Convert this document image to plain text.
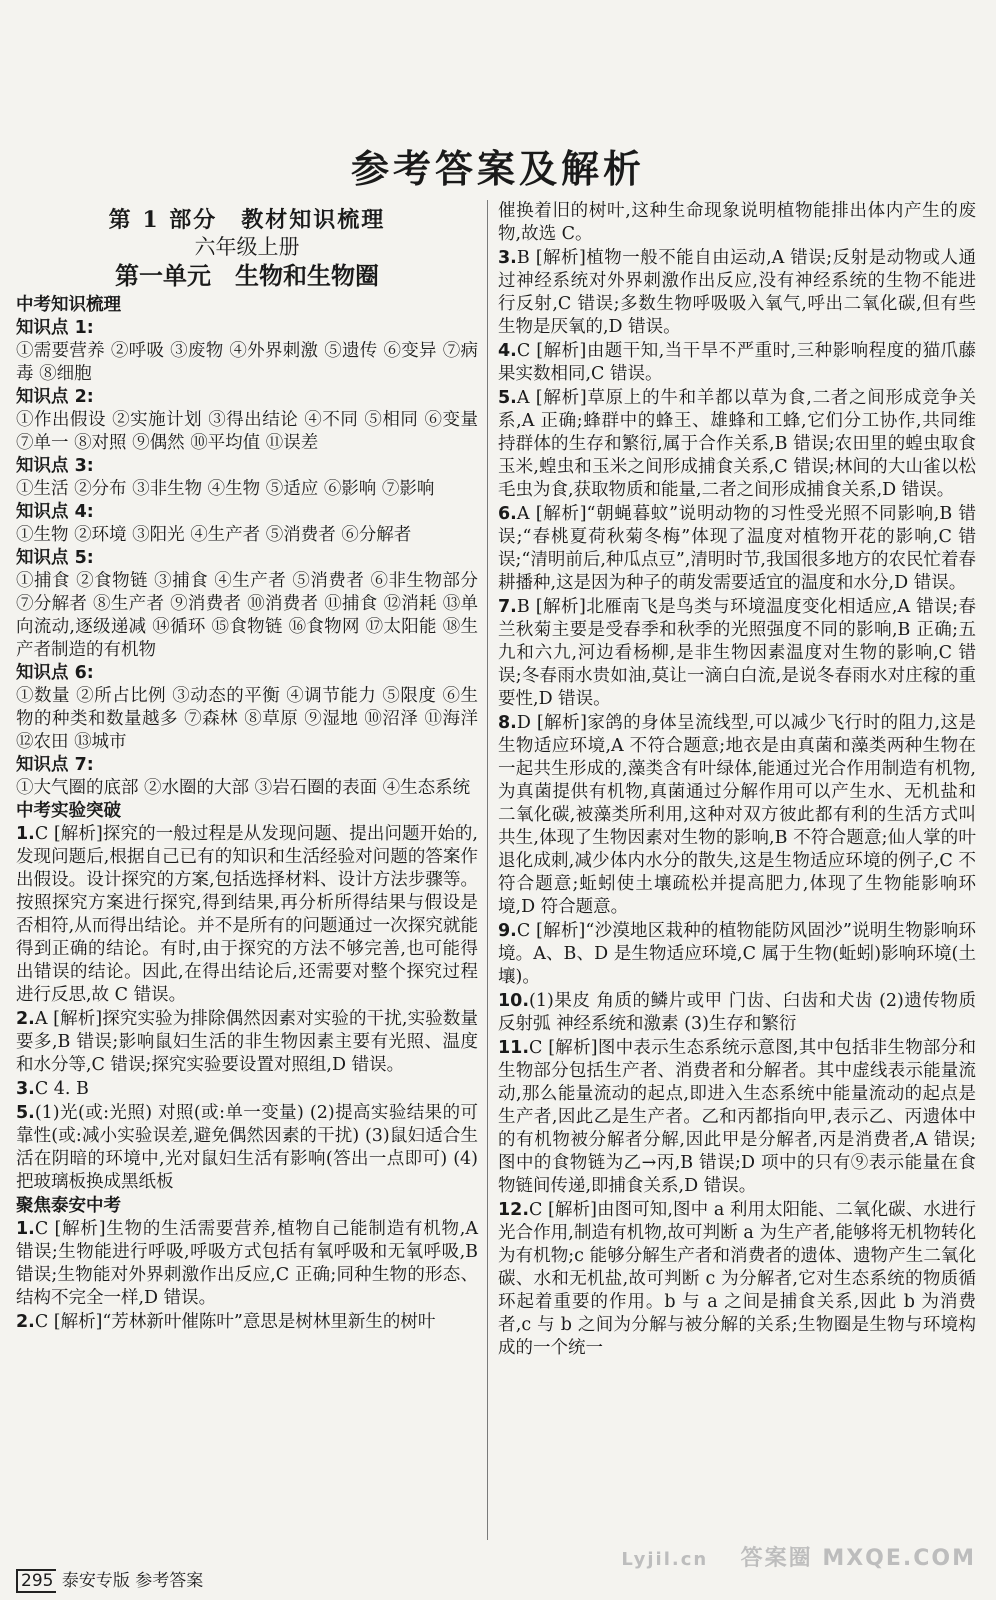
参考答案及解析
第 1 部分　教材知识梳理
六年级上册
第一单元　生物和生物圈
中考知识梳理
知识点 1:

①需要营养 ②呼吸 ③废物 ④外界刺激 ⑤遗传 ⑥变异 ⑦病毒 ⑧细胞

知识点 2:

①作出假设 ②实施计划 ③得出结论 ④不同 ⑤相同 ⑥变量 ⑦单一 ⑧对照 ⑨偶然 ⑩平均值 ⑪误差

知识点 3:

①生活 ②分布 ③非生物 ④生物 ⑤适应 ⑥影响 ⑦影响

知识点 4:

①生物 ②环境 ③阳光 ④生产者 ⑤消费者 ⑥分解者

知识点 5:

①捕食 ②食物链 ③捕食 ④生产者 ⑤消费者 ⑥非生物部分 ⑦分解者 ⑧生产者 ⑨消费者 ⑩消费者 ⑪捕食 ⑫消耗 ⑬单向流动,逐级递减 ⑭循环 ⑮食物链 ⑯食物网 ⑰太阳能 ⑱生产者制造的有机物

知识点 6:

①数量 ②所占比例 ③动态的平衡 ④调节能力 ⑤限度 ⑥生物的种类和数量越多 ⑦森林 ⑧草原 ⑨湿地 ⑩沼泽 ⑪海洋 ⑫农田 ⑬城市

知识点 7:

①大气圈的底部 ②水圈的大部 ③岩石圈的表面 ④生态系统

中考实验突破

1.C [解析]探究的一般过程是从发现问题、提出问题开始的,发现问题后,根据自己已有的知识和生活经验对问题的答案作出假设。设计探究的方案,包括选择材料、设计方法步骤等。按照探究方案进行探究,得到结果,再分析所得结果与假设是否相符,从而得出结论。并不是所有的问题通过一次探究就能得到正确的结论。有时,由于探究的方法不够完善,也可能得出错误的结论。因此,在得出结论后,还需要对整个探究过程进行反思,故 C 错误。

2.A [解析]探究实验为排除偶然因素对实验的干扰,实验数量要多,B 错误;影响鼠妇生活的非生物因素主要有光照、温度和水分等,C 错误;探究实验要设置对照组,D 错误。

3.C 4. B

5.(1)光(或:光照) 对照(或:单一变量) (2)提高实验结果的可靠性(或:减小实验误差,避免偶然因素的干扰) (3)鼠妇适合生活在阴暗的环境中,光对鼠妇生活有影响(答出一点即可) (4)把玻璃板换成黑纸板

聚焦泰安中考

1.C [解析]生物的生活需要营养,植物自己能制造有机物,A 错误;生物能进行呼吸,呼吸方式包括有氧呼吸和无氧呼吸,B 错误;生物能对外界刺激作出反应,C 正确;同种生物的形态、结构不完全一样,D 错误。

2.C [解析]“芳林新叶催陈叶”意思是树林里新生的树叶

催换着旧的树叶,这种生命现象说明植物能排出体内产生的废物,故选 C。

3.B [解析]植物一般不能自由运动,A 错误;反射是动物或人通过神经系统对外界刺激作出反应,没有神经系统的生物不能进行反射,C 错误;多数生物呼吸吸入氧气,呼出二氧化碳,但有些生物是厌氧的,D 错误。

4.C [解析]由题干知,当干旱不严重时,三种影响程度的猫爪藤果实数相同,C 错误。

5.A [解析]草原上的牛和羊都以草为食,二者之间形成竞争关系,A 正确;蜂群中的蜂王、雄蜂和工蜂,它们分工协作,共同维持群体的生存和繁衍,属于合作关系,B 错误;农田里的蝗虫取食玉米,蝗虫和玉米之间形成捕食关系,C 错误;林间的大山雀以松毛虫为食,获取物质和能量,二者之间形成捕食关系,D 错误。

6.A [解析]“朝蝇暮蚊”说明动物的习性受光照不同影响,B 错误;“春桃夏荷秋菊冬梅”体现了温度对植物开花的影响,C 错误;“清明前后,种瓜点豆”,清明时节,我国很多地方的农民忙着春耕播种,这是因为种子的萌发需要适宜的温度和水分,D 错误。

7.B [解析]北雁南飞是鸟类与环境温度变化相适应,A 错误;春兰秋菊主要是受春季和秋季的光照强度不同的影响,B 正确;五九和六九,河边看杨柳,是非生物因素温度对生物的影响,C 错误;冬春雨水贵如油,莫让一滴白白流,是说冬春雨水对庄稼的重要性,D 错误。

8.D [解析]家鸽的身体呈流线型,可以减少飞行时的阻力,这是生物适应环境,A 不符合题意;地衣是由真菌和藻类两种生物在一起共生形成的,藻类含有叶绿体,能通过光合作用制造有机物,为真菌提供有机物,真菌通过分解作用可以产生水、无机盐和二氧化碳,被藻类所利用,这种对双方彼此都有利的生活方式叫共生,体现了生物因素对生物的影响,B 不符合题意;仙人掌的叶退化成刺,减少体内水分的散失,这是生物适应环境的例子,C 不符合题意;蚯蚓使土壤疏松并提高肥力,体现了生物能影响环境,D 符合题意。

9.C [解析]“沙漠地区栽种的植物能防风固沙”说明生物影响环境。A、B、D 是生物适应环境,C 属于生物(蚯蚓)影响环境(土壤)。

10.(1)果皮 角质的鳞片或甲 门齿、臼齿和犬齿 (2)遗传物质 反射弧 神经系统和激素 (3)生存和繁衍

11.C [解析]图中表示生态系统示意图,其中包括非生物部分和生物部分包括生产者、消费者和分解者。其中虚线表示能量流动,那么能量流动的起点,即进入生态系统中能量流动的起点是生产者,因此乙是生产者。乙和丙都指向甲,表示乙、丙遗体中的有机物被分解者分解,因此甲是分解者,丙是消费者,A 错误;图中的食物链为乙→丙,B 错误;D 项中的只有⑨表示能量在食物链间传递,即捕食关系,D 错误。

12.C [解析]由图可知,图中 a 利用太阳能、二氧化碳、水进行光合作用,制造有机物,故可判断 a 为生产者,能够将无机物转化为有机物;c 能够分解生产者和消费者的遗体、遗物产生二氧化碳、水和无机盐,故可判断 c 为分解者,它对生态系统的物质循环起着重要的作用。b 与 a 之间是捕食关系,因此 b 为消费者,c 与 b 之间为分解与被分解的关系;生物圈是生物与环境构成的一个统一

295 泰安专版 参考答案
Lyjil.cn 答案圈 MXQE.COM
